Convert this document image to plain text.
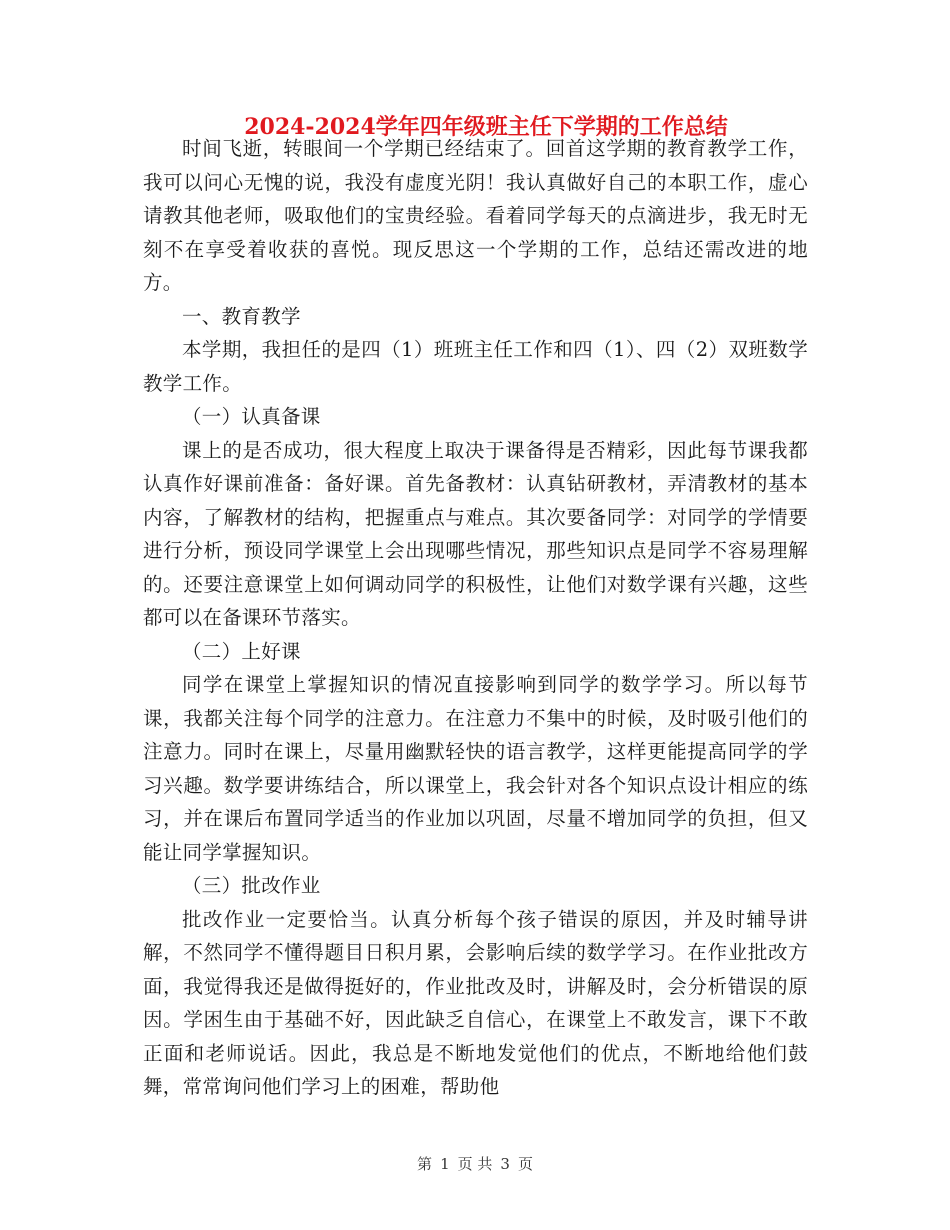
2024-2024学年四年级班主任下学期的工作总结

时间飞逝，转眼间一个学期已经结束了。回首这学期的教育教学工作，我可以问心无愧的说，我没有虚度光阴！我认真做好自己的本职工作，虚心请教其他老师，吸取他们的宝贵经验。看着同学每天的点滴进步，我无时无刻不在享受着收获的喜悦。现反思这一个学期的工作，总结还需改进的地方。

一、教育教学

本学期，我担任的是四（1）班班主任工作和四（1）、四（2）双班数学教学工作。

（一）认真备课

课上的是否成功，很大程度上取决于课备得是否精彩，因此每节课我都认真作好课前准备：备好课。首先备教材：认真钻研教材，弄清教材的基本内容，了解教材的结构，把握重点与难点。其次要备同学：对同学的学情要进行分析，预设同学课堂上会出现哪些情况，那些知识点是同学不容易理解的。还要注意课堂上如何调动同学的积极性，让他们对数学课有兴趣，这些都可以在备课环节落实。

（二）上好课

同学在课堂上掌握知识的情况直接影响到同学的数学学习。所以每节课，我都关注每个同学的注意力。在注意力不集中的时候，及时吸引他们的注意力。同时在课上，尽量用幽默轻快的语言教学，这样更能提高同学的学习兴趣。数学要讲练结合，所以课堂上，我会针对各个知识点设计相应的练习，并在课后布置同学适当的作业加以巩固，尽量不增加同学的负担，但又能让同学掌握知识。

（三）批改作业

批改作业一定要恰当。认真分析每个孩子错误的原因，并及时辅导讲解，不然同学不懂得题目日积月累，会影响后续的数学学习。在作业批改方面，我觉得我还是做得挺好的，作业批改及时，讲解及时，会分析错误的原因。学困生由于基础不好，因此缺乏自信心，在课堂上不敢发言，课下不敢正面和老师说话。因此，我总是不断地发觉他们的优点，不断地给他们鼓舞，常常询问他们学习上的困难，帮助他

第 1 页 共 3 页
